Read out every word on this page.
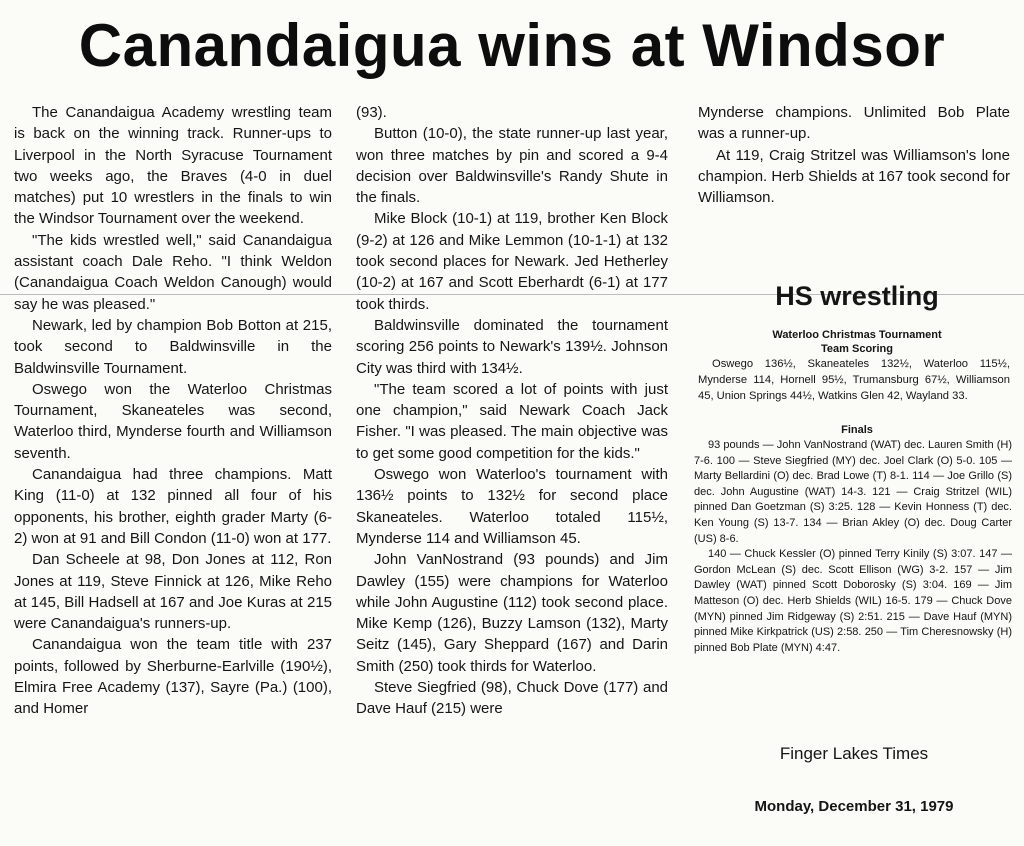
Canandaigua wins at Windsor

The Canandaigua Academy wrestling team is back on the winning track. Runner-ups to Liverpool in the North Syracuse Tournament two weeks ago, the Braves (4-0 in duel matches) put 10 wrestlers in the finals to win the Windsor Tournament over the weekend.

"The kids wrestled well," said Canandaigua assistant coach Dale Reho. "I think Weldon (Canandaigua Coach Weldon Canough) would say he was pleased."

Newark, led by champion Bob Botton at 215, took second to Baldwinsville in the Baldwinsville Tournament.

Oswego won the Waterloo Christmas Tournament, Skaneateles was second, Waterloo third, Mynderse fourth and Williamson seventh.

Canandaigua had three champions. Matt King (11-0) at 132 pinned all four of his opponents, his brother, eighth grader Marty (6-2) won at 91 and Bill Condon (11-0) won at 177.

Dan Scheele at 98, Don Jones at 112, Ron Jones at 119, Steve Finnick at 126, Mike Reho at 145, Bill Hadsell at 167 and Joe Kuras at 215 were Canandaigua's runners-up.

Canandaigua won the team title with 237 points, followed by Sherburne-Earlville (190½), Elmira Free Academy (137), Sayre (Pa.) (100), and Homer

(93).

Button (10-0), the state runner-up last year, won three matches by pin and scored a 9-4 decision over Baldwinsville's Randy Shute in the finals.

Mike Block (10-1) at 119, brother Ken Block (9-2) at 126 and Mike Lemmon (10-1-1) at 132 took second places for Newark. Jed Hetherley (10-2) at 167 and Scott Eberhardt (6-1) at 177 took thirds.

Baldwinsville dominated the tournament scoring 256 points to Newark's 139½. Johnson City was third with 134½.

"The team scored a lot of points with just one champion," said Newark Coach Jack Fisher. "I was pleased. The main objective was to get some good competition for the kids."

Oswego won Waterloo's tournament with 136½ points to 132½ for second place Skaneateles. Waterloo totaled 115½, Mynderse 114 and Williamson 45.

John VanNostrand (93 pounds) and Jim Dawley (155) were champions for Waterloo while John Augustine (112) took second place. Mike Kemp (126), Buzzy Lamson (132), Marty Seitz (145), Gary Sheppard (167) and Darin Smith (250) took thirds for Waterloo.

Steve Siegfried (98), Chuck Dove (177) and Dave Hauf (215) were

Mynderse champions. Unlimited Bob Plate was a runner-up.

At 119, Craig Stritzel was Williamson's lone champion. Herb Shields at 167 took second for Williamson.

HS wrestling
Waterloo Christmas Tournament
Team Scoring
Oswego 136½, Skaneateles 132½, Waterloo 115½, Mynderse 114, Hornell 95½, Trumansburg 67½, Williamson 45, Union Springs 44½, Watkins Glen 42, Wayland 33.
Finals

93 pounds — John VanNostrand (WAT) dec. Lauren Smith (H) 7-6. 100 — Steve Siegfried (MY) dec. Joel Clark (O) 5-0. 105 — Marty Bellardini (O) dec. Brad Lowe (T) 8-1. 114 — Joe Grillo (S) dec. John Augustine (WAT) 14-3. 121 — Craig Stritzel (WIL) pinned Dan Goetzman (S) 3:25. 128 — Kevin Honness (T) dec. Ken Young (S) 13-7. 134 — Brian Akley (O) dec. Doug Carter (US) 8-6.

140 — Chuck Kessler (O) pinned Terry Kinily (S) 3:07. 147 — Gordon McLean (S) dec. Scott Ellison (WG) 3-2. 157 — Jim Dawley (WAT) pinned Scott Doborosky (S) 3:04. 169 — Jim Matteson (O) dec. Herb Shields (WIL) 16-5. 179 — Chuck Dove (MYN) pinned Jim Ridgeway (S) 2:51. 215 — Dave Hauf (MYN) pinned Mike Kirkpatrick (US) 2:58. 250 — Tim Cheresnowsky (H) pinned Bob Plate (MYN) 4:47.

Finger Lakes Times
Monday, December 31, 1979
